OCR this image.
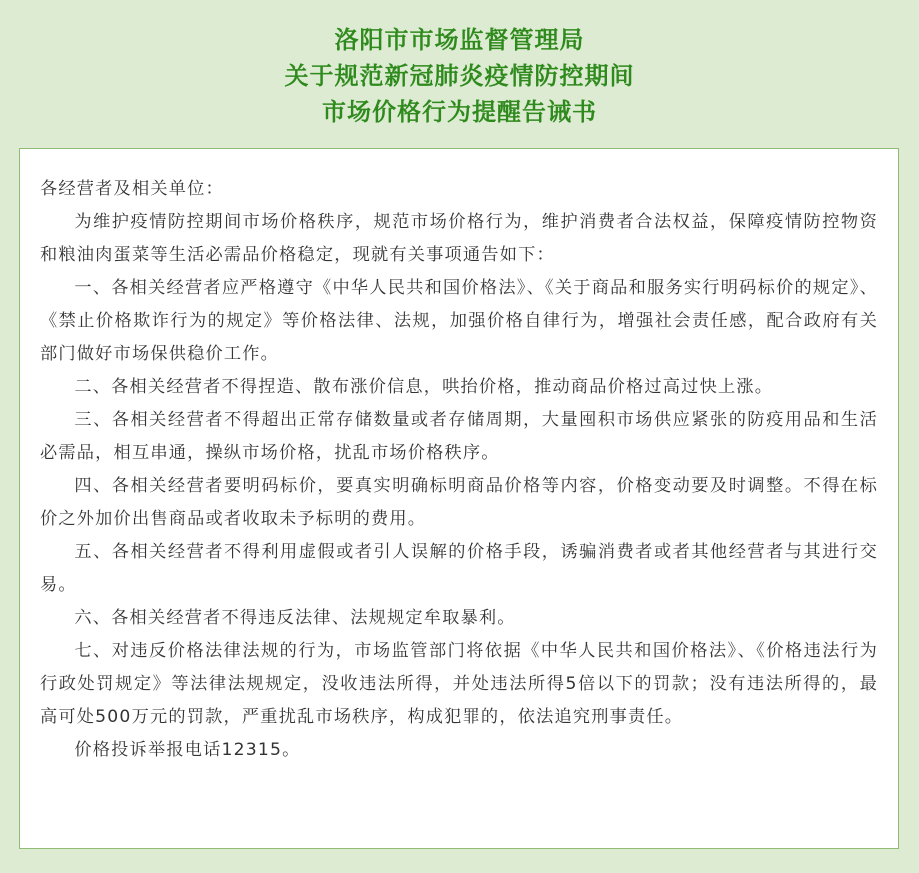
洛阳市市场监督管理局
关于规范新冠肺炎疫情防控期间
市场价格行为提醒告诫书

各经营者及相关单位：

为维护疫情防控期间市场价格秩序，规范市场价格行为，维护消费者合法权益，保障疫情防控物资和粮油肉蛋菜等生活必需品价格稳定，现就有关事项通告如下：

一、各相关经营者应严格遵守《中华人民共和国价格法》、《关于商品和服务实行明码标价的规定》、《禁止价格欺诈行为的规定》等价格法律、法规，加强价格自律行为，增强社会责任感，配合政府有关部门做好市场保供稳价工作。

二、各相关经营者不得捏造、散布涨价信息，哄抬价格，推动商品价格过高过快上涨。

三、各相关经营者不得超出正常存储数量或者存储周期，大量囤积市场供应紧张的防疫用品和生活必需品，相互串通，操纵市场价格，扰乱市场价格秩序。

四、各相关经营者要明码标价，要真实明确标明商品价格等内容，价格变动要及时调整。不得在标价之外加价出售商品或者收取未予标明的费用。

五、各相关经营者不得利用虚假或者引人误解的价格手段，诱骗消费者或者其他经营者与其进行交易。

六、各相关经营者不得违反法律、法规规定牟取暴利。

七、对违反价格法律法规的行为，市场监管部门将依据《中华人民共和国价格法》、《价格违法行为行政处罚规定》等法律法规规定，没收违法所得，并处违法所得5倍以下的罚款；没有违法所得的，最高可处500万元的罚款，严重扰乱市场秩序，构成犯罪的，依法追究刑事责任。

价格投诉举报电话12315。
